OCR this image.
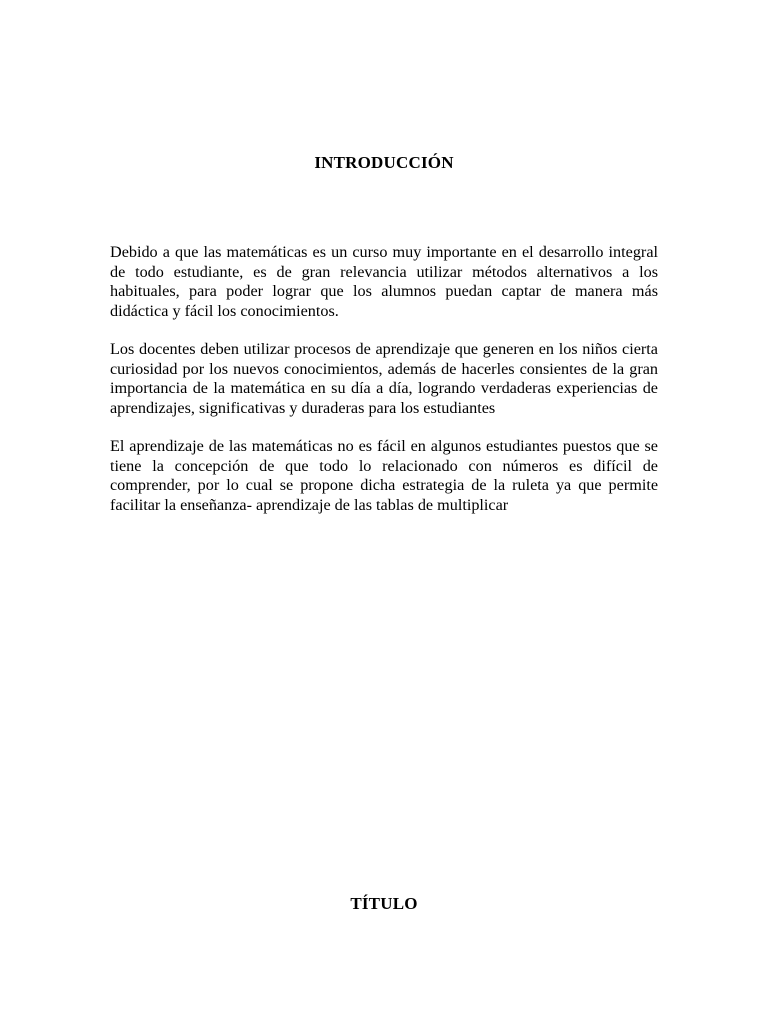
INTRODUCCIÓN

Debido a que las matemáticas es un curso muy importante en el desarrollo integral de todo estudiante, es de gran relevancia utilizar métodos alternativos a los habituales, para poder lograr que los alumnos puedan captar de manera más didáctica y fácil los conocimientos.

Los docentes deben utilizar procesos de aprendizaje que generen en los niños cierta curiosidad por los nuevos conocimientos, además de hacerles consientes de la gran importancia de la matemática en su día a día, logrando verdaderas experiencias de aprendizajes, significativas y duraderas para los estudiantes

El aprendizaje de las matemáticas no es fácil en algunos estudiantes puestos que se tiene la concepción de que todo lo relacionado con números es difícil de comprender, por lo cual se propone dicha estrategia de la ruleta ya que permite facilitar la enseñanza- aprendizaje de las tablas de multiplicar

TÍTULO
